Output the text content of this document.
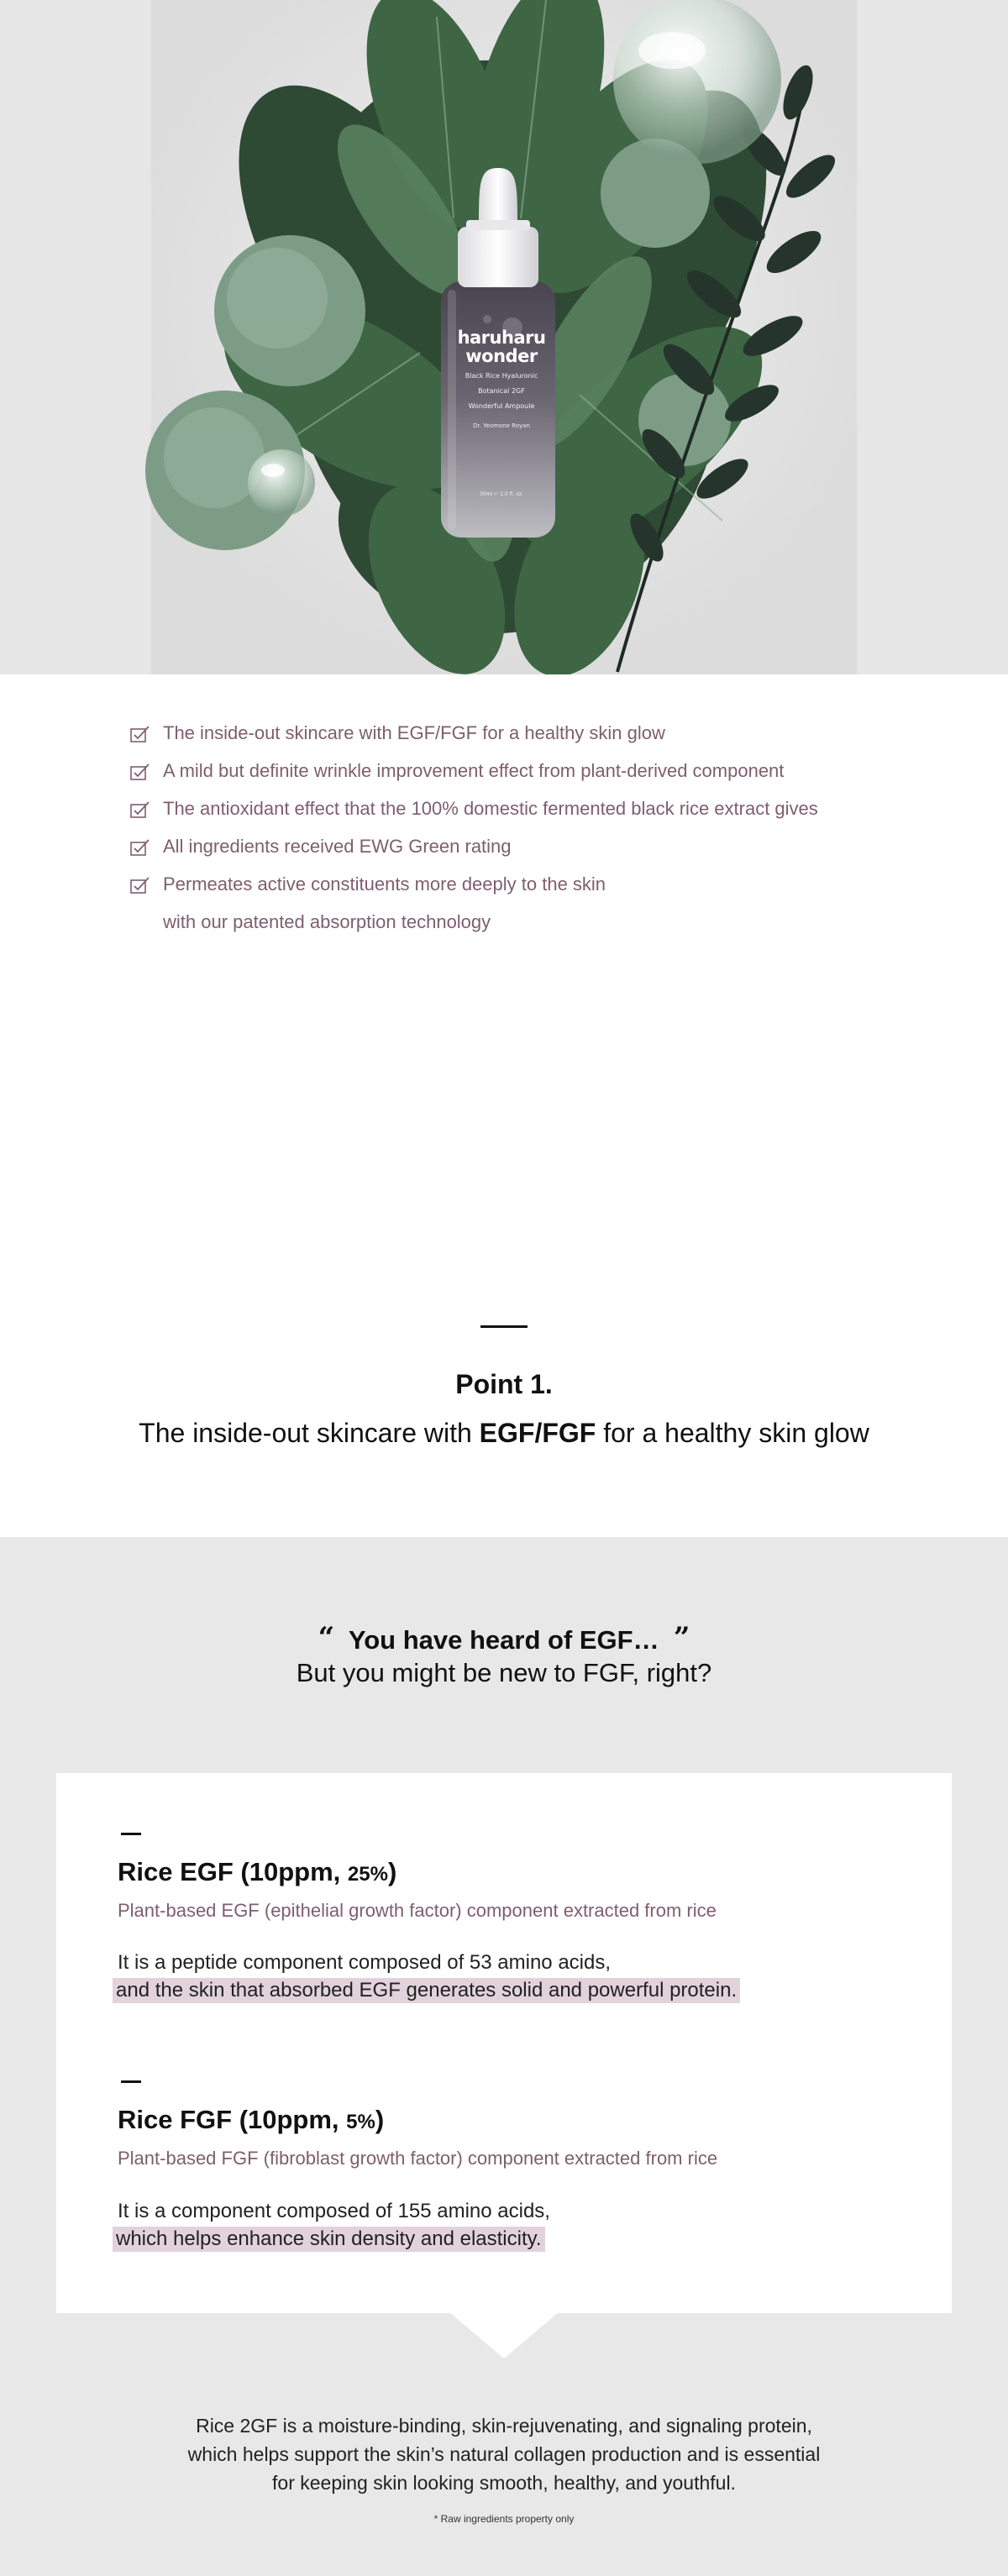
haruharu
wonder
Black Rice Hyaluronic
Botanical 2GF
Wonderful Ampoule
Dr. Yeomone Royan
30ml ℮ 1.0 fl. oz.
The inside-out skincare with EGF/FGF for a healthy skin glow
A mild but definite wrinkle improvement effect from plant-derived component
The antioxidant effect that the 100% domestic fermented black rice extract gives
All ingredients received EWG Green rating
Permeates active constituents more deeply to the skin
with our patented absorption technology
Point 1.
The inside-out skincare with EGF/FGF for a healthy skin glow
“ You have heard of EGF… ”
But you might be new to FGF, right?
Rice EGF (10ppm, 25%)
Plant-based EGF (epithelial growth factor) component extracted from rice
It is a peptide component composed of 53 amino acids,
and the skin that absorbed EGF generates solid and powerful protein.
Rice FGF (10ppm, 5%)
Plant-based FGF (fibroblast growth factor) component extracted from rice
It is a component composed of 155 amino acids,
which helps enhance skin density and elasticity.
Rice 2GF is a moisture-binding, skin-rejuvenating, and signaling protein,
which helps support the skin’s natural collagen production and is essential
for keeping skin looking smooth, healthy, and youthful.
* Raw ingredients property only
